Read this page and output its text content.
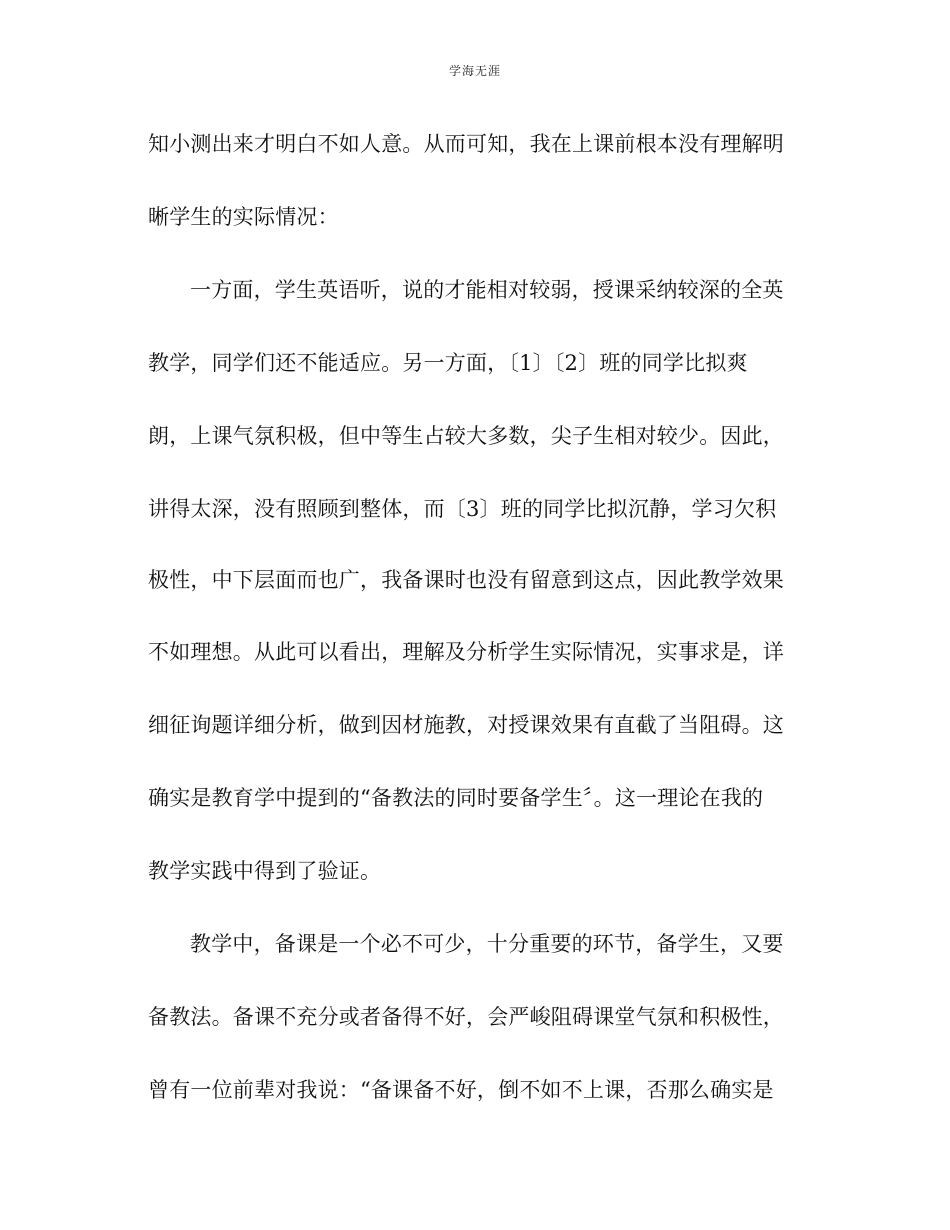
学海无涯
知小测出来才明白不如人意。从而可知，我在上课前根本没有理解明
晰学生的实际情况：
一方面，学生英语听，说的才能相对较弱，授课采纳较深的全英
教学，同学们还不能适应。另一方面，〔1〕〔2〕班的同学比拟爽
朗，上课气氛积极，但中等生占较大多数，尖子生相对较少。因此，
讲得太深，没有照顾到整体，而〔3〕班的同学比拟沉静，学习欠积
极性，中下层面而也广，我备课时也没有留意到这点，因此教学效果
不如理想。从此可以看出，理解及分析学生实际情况，实事求是，详
细征询题详细分析，做到因材施教，对授课效果有直截了当阻碍。这
确实是教育学中提到的“备教法的同时要备学生〞。这一理论在我的
教学实践中得到了验证。
教学中，备课是一个必不可少，十分重要的环节，备学生，又要
备教法。备课不充分或者备得不好，会严峻阻碍课堂气氛和积极性，
曾有一位前辈对我说：“备课备不好，倒不如不上课，否那么确实是
